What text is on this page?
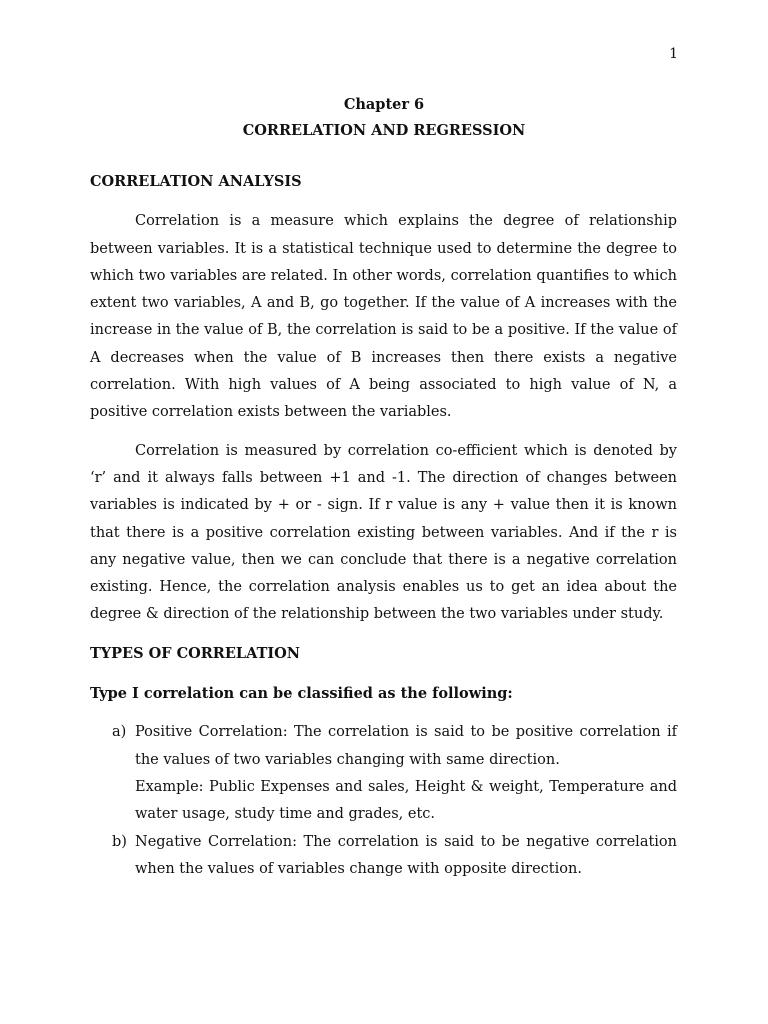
1
Chapter 6
CORRELATION AND REGRESSION
CORRELATION ANALYSIS

Correlation is a measure which explains the degree of relationship between variables. It is a statistical technique used to determine the degree to which two variables are related. In other words, correlation quantifies to which extent two variables, A and B, go together. If the value of A increases with the increase in the value of B, the correlation is said to be a positive. If the value of A decreases when the value of B increases then there exists a negative correlation. With high values of A being associated to high value of N, a positive correlation exists between the variables.

Correlation is measured by correlation co-efficient which is denoted by ‘r’ and it always falls between +1 and -1. The direction of changes between variables is indicated by + or - sign. If r value is any + value then it is known that there is a positive correlation existing between variables. And if the r is any negative value, then we can conclude that there is a negative correlation existing. Hence, the correlation analysis enables us to get an idea about the degree & direction of the relationship between the two variables under study.

TYPES OF CORRELATION
Type I correlation can be classified as the following:
a) Positive Correlation: The correlation is said to be positive correlation if the values of two variables changing with same direction.
Example: Public Expenses and sales, Height & weight, Temperature and water usage, study time and grades, etc.
b) Negative Correlation: The correlation is said to be negative correlation when the values of variables change with opposite direction.
